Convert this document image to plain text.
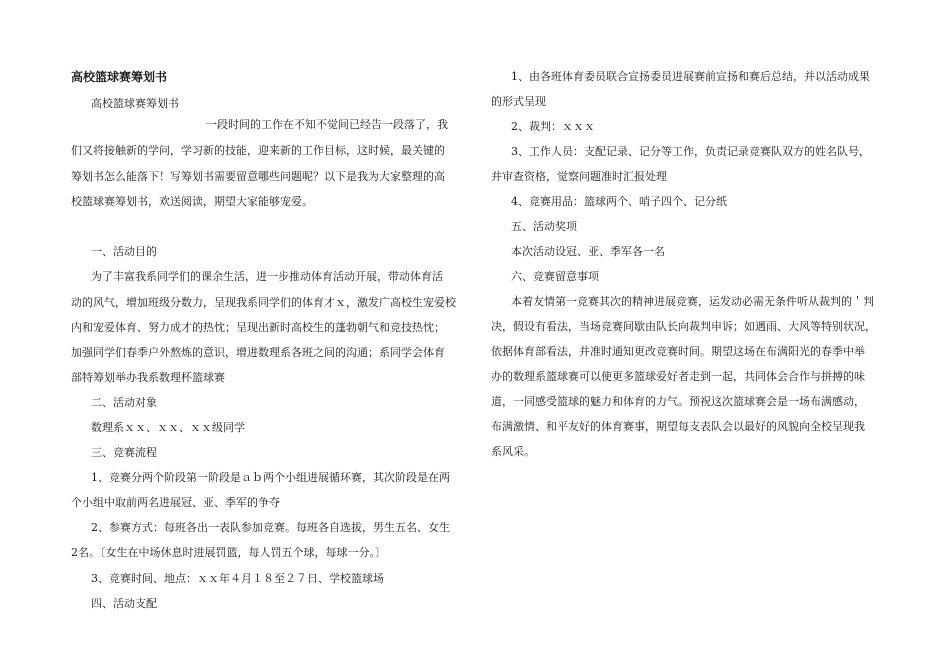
高校篮球赛筹划书
高校篮球赛筹划书
一段时间的工作在不知不觉间已经告一段落了，我
们又将接触新的学问，学习新的技能，迎来新的工作目标，这时候，最关键的
筹划书怎么能落下！写筹划书需要留意哪些问题呢？以下是我为大家整理的高
校篮球赛筹划书，欢送阅读，期望大家能够宠爱。
一、活动目的
为了丰富我系同学们的课余生活，进一步推动体育活动开展，带动体育活
动的风气，增加班级分数力，呈现我系同学们的体育才ｘ，激发广高校生宠爱校
内和宠爱体育、努力成才的热忱；呈现出新时高校生的蓬勃朝气和竞技热忱；
加强同学们春季户外熬炼的意识，增进数理系各班之间的沟通；系同学会体育
部特筹划举办我系数理杯篮球赛
二、活动对象
数理系ｘｘ、ｘｘ、ｘｘ级同学
三、竞赛流程
1、竞赛分两个阶段第一阶段是ａｂ两个小组进展循环赛，其次阶段是在两
个小组中取前两名进展冠、亚、季军的争夺
2、参赛方式：每班各出一表队参加竞赛。每班各自选拔，男生五名、女生
2名。〔女生在中场休息时进展罚篮，每人罚五个球，每球一分。〕
3、竞赛时间、地点：ｘｘ年４月１８至２７日、学校篮球场
四、活动支配
1、由各班体育委员联合宣扬委员进展赛前宣扬和赛后总结，并以活动成果
的形式呈现
2、裁判：ｘｘｘ
3、工作人员：支配记录、记分等工作，负责记录竞赛队双方的姓名队号，
并审查资格，觉察问题准时汇报处理
4、竞赛用品：篮球两个、哨子四个、记分纸
五、活动奖项
本次活动设冠、亚、季军各一名
六、竞赛留意事项
本着友情第一竞赛其次的精神进展竞赛，运发动必需无条件听从裁判的＇判
决，假设有看法，当场竞赛间歇由队长向裁判申诉；如遇雨、大风等特别状况，
依据体育部看法，并准时通知更改竞赛时间。期望这场在布满阳光的春季中举
办的数理系篮球赛可以使更多篮球爱好者走到一起，共同体会合作与拼搏的味
道，一同感受篮球的魅力和体育的力气。预祝这次篮球赛会是一场布满感动，
布满激情、和平友好的体育赛事，期望每支表队会以最好的风貌向全校呈现我
系风采。
